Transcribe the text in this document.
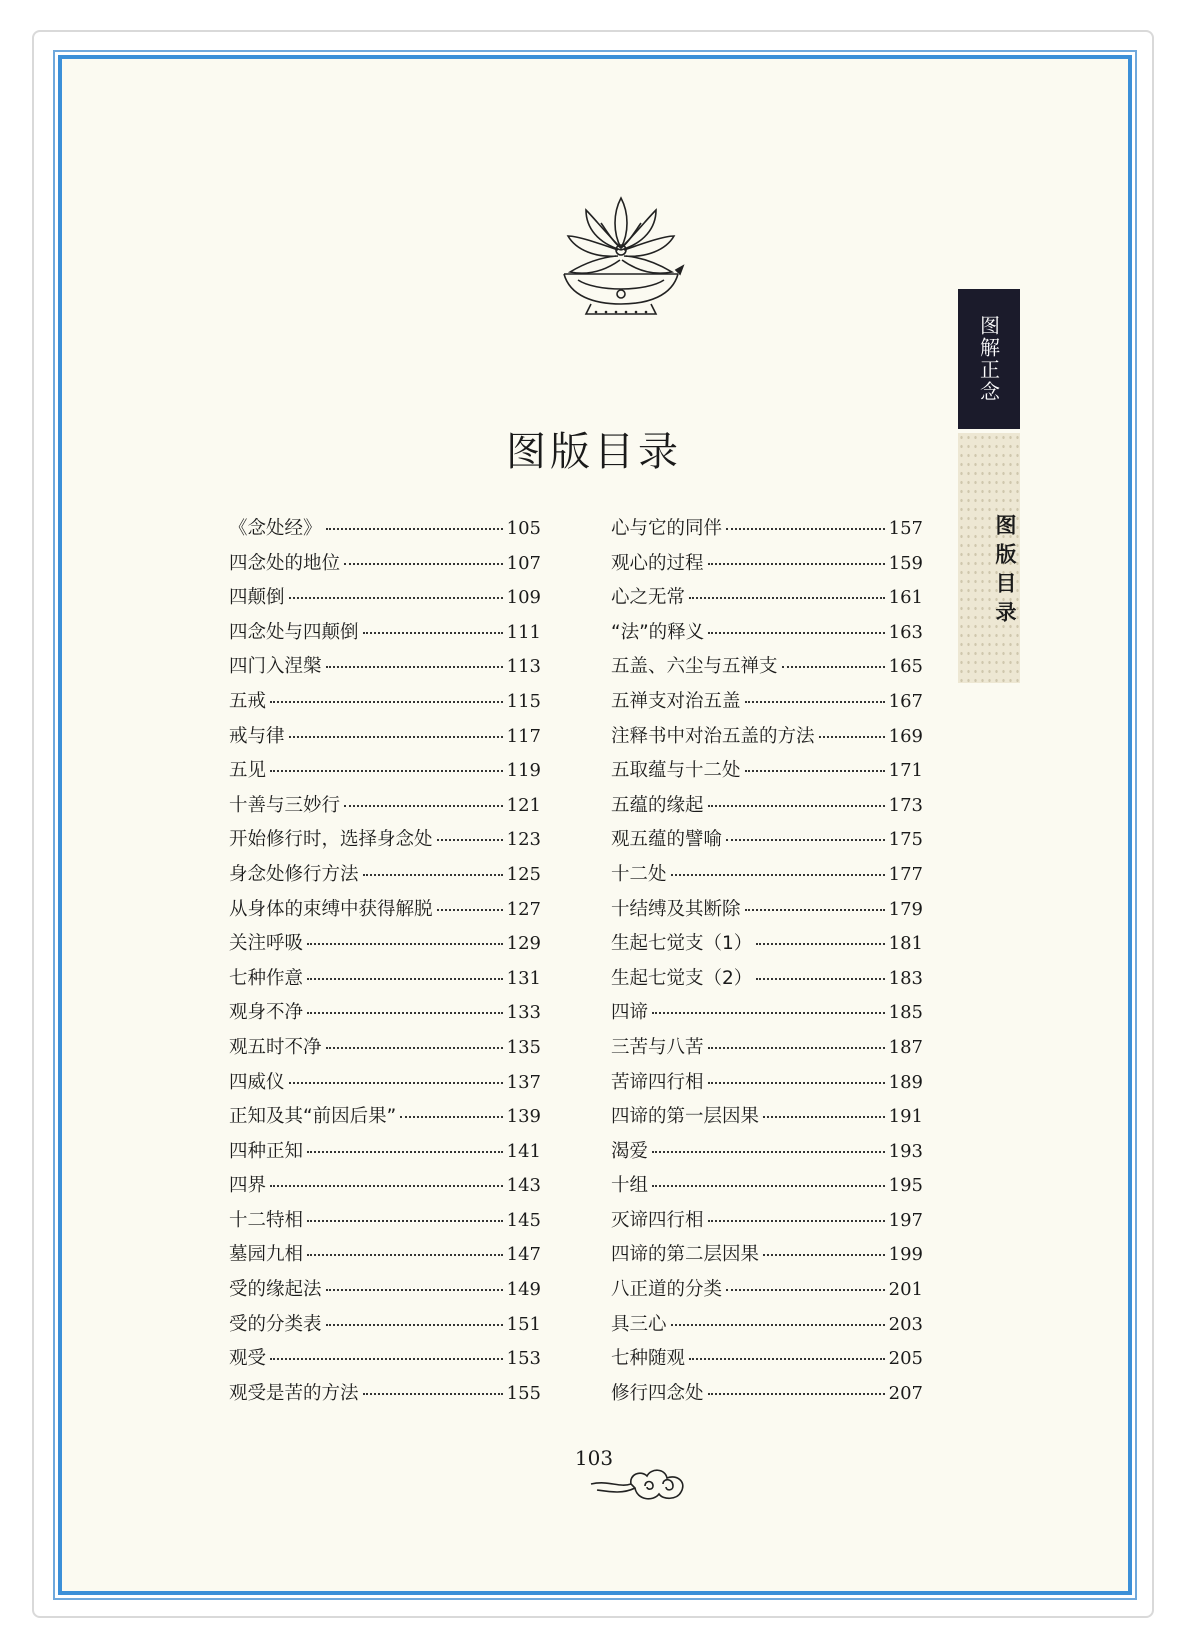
图版目录
《念处经》	105
四念处的地位	107
四颠倒	109
四念处与四颠倒	111
四门入涅槃	113
五戒	115
戒与律	117
五见	119
十善与三妙行	121
开始修行时，选择身念处	123
身念处修行方法	125
从身体的束缚中获得解脱	127
关注呼吸	129
七种作意	131
观身不净	133
观五时不净	135
四威仪	137
正知及其“前因后果”	139
四种正知	141
四界	143
十二特相	145
墓园九相	147
受的缘起法	149
受的分类表	151
观受	153
观受是苦的方法	155
心与它的同伴	157
观心的过程	159
心之无常	161
“法”的释义	163
五盖、六尘与五禅支	165
五禅支对治五盖	167
注释书中对治五盖的方法	169
五取蕴与十二处	171
五蕴的缘起	173
观五蕴的譬喻	175
十二处	177
十结缚及其断除	179
生起七觉支（1）	181
生起七觉支（2）	183
四谛	185
三苦与八苦	187
苦谛四行相	189
四谛的第一层因果	191
渴爱	193
十组	195
灭谛四行相	197
四谛的第二层因果	199
八正道的分类	201
具三心	203
七种随观	205
修行四念处	207
图解正念
图版目录
103
